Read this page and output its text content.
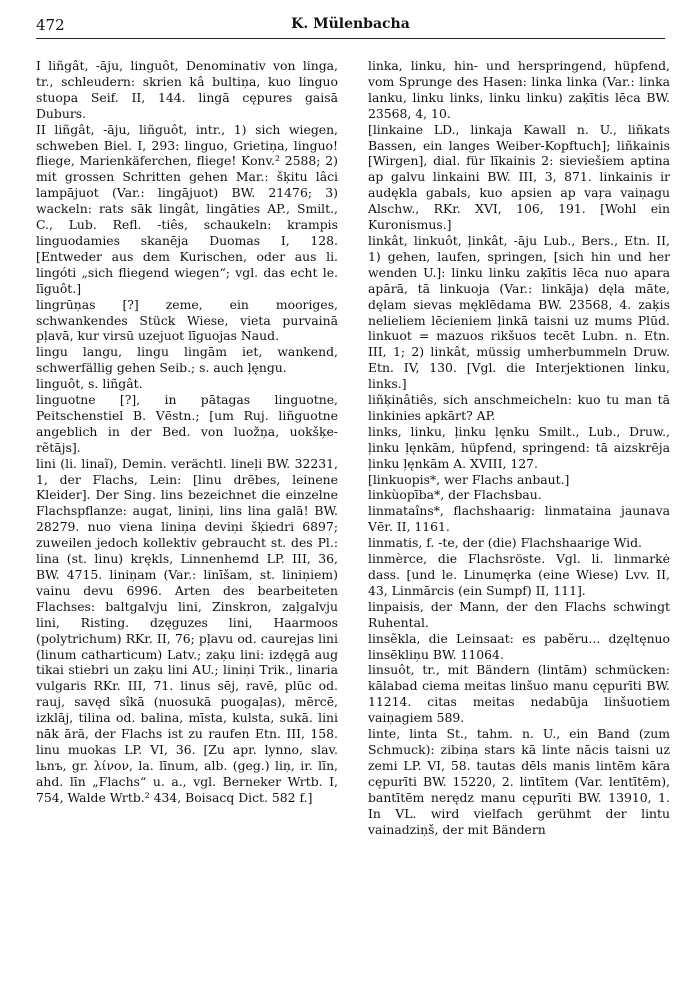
472	K. Mülenbacha

I liñgât, -āju, linguôt, Denominativ von linga, tr., schleudern: skrien kâ bultiņa, kuo linguo stuopa Seif. II, 144. lingā cępures gaisā Duburs.

II liñgât, -āju, liñguôt, intr., 1) sich wiegen, schweben Biel. I, 293: linguo, Grietiņa, linguo! fliege, Marienkäferchen, fliege! Konv.² 2588; 2) mit grossen Schritten gehen Mar.: šķitu lâci lampājuot (Var.: lingājuot) BW. 21476; 3) wackeln: rats sāk lingât, lingāties AP., Smilt., C., Lub. Refl. -tiês, schaukeln: krampis linguodamies skanēja Duomas I, 128. [Entweder aus dem Kurischen, oder aus li. lingóti „sich fliegend wiegen“; vgl. das echt le. līguôt.]

lingrūņas [?] zeme, ein mooriges, schwankendes Stück Wiese, vieta purvainā pļavā, kur virsū uzejuot līguojas Naud.

lingu langu, lingu lingām iet, wankend, schwerfällig gehen Seib.; s. auch ļęngu.

linguôt, s. liñgât.

linguotne [?], in pātagas linguotne, Peitschenstiel B. Vēstn.; [um Ruj. liñguotne angeblich in der Bed. von luožņa, uokšķe-rẽtājs].

lini (li. linaĩ), Demin. verächtl. lineļi BW. 32231, 1, der Flachs, Lein: [linu drēbes, leinene Kleider]. Der Sing. lins bezeichnet die einzelne Flachspflanze: augat, liniņi, lins lina galā! BW. 28279. nuo viena liniņa deviņi šķiedri 6897; zuweilen jedoch kollektiv gebraucht st. des Pl.: lina (st. linu) krękls, Linnenhemd LP. III, 36, BW. 4715. liniņam (Var.: linīšam, st. liniņiem) vainu devu 6996. Arten des bearbeiteten Flachses: baltgalvju lini, Zinskron, zaļgalvju lini, Risting. dzęguzes lini, Haarmoos (polytrichum) RKr. II, 76; pļavu od. caurejas lini (linum catharticum) Latv.; zaķu lini: izdęgā aug tikai stiebri un zaķu lini AU.; liniņi Trik., linaria vulgaris RKr. III, 71. linus sēj, ravē, plūc od. rauj, savęd sîkā (nuosukā puogaļas), mērcē, izklāj, tilina od. balina, mīsta, kulsta, sukā. lini nāk ārā, der Flachs ist zu raufen Etn. III, 158. linu muokas LP. VI, 36. [Zu apr. lynno, slav. lьnъ, gr. λίνον, la. līnum, alb. (geg.) liņ, ir. līn, ahd. līn „Flachs“ u. a., vgl. Berneker Wrtb. I, 754, Walde Wrtb.² 434, Boisacq Dict. 582 f.]

linka, linku, hin- und herspringend, hüpfend, vom Sprunge des Hasen: linka linka (Var.: linka lanku, linku links, linku linku) zaķītis lēca BW. 23568, 4, 10.

[linkaine LD., linkaja Kawall n. U., liñkats Bassen, ein langes Weiber-Kopftuch]; liñkainis [Wirgen], dial. für līkainis 2: sieviešiem aptina ap galvu linkaini BW. III, 3, 871. linkainis ir audękla gabals, kuo apsien ap vaŗa vaiņagu Alschw., RKr. XVI, 106, 191. [Wohl ein Kuronismus.]

linkât, linkuôt, ļinkât, -āju Lub., Bers., Etn. II, 1) gehen, laufen, springen, [sich hin und her wenden U.]: linku linku zaķītis lēca nuo apara apārā, tā linkuoja (Var.: linkāja) dęla māte, dęlam sievas męklēdama BW. 23568, 4. zaķis nelieliem lēcieniem ļinkā taisni uz mums Plūd. linkuot = mazuos rikšuos tecēt Lubn. n. Etn. III, 1; 2) linkât, müssig umherbummeln Druw. Etn. IV, 130. [Vgl. die Interjektionen linku, links.]

liñķinâtiês, sich anschmeicheln: kuo tu man tā linkinies apkārt? AP.

links, linku, ļinku ļęnku Smilt., Lub., Druw., ļinku ļęnkām, hüpfend, springend: tā aizskrēja ļinku ļęnkām A. XVIII, 127.

[linkuopis*, wer Flachs anbaut.]

linkùopība*, der Flachsbau.

linmataîns*, flachshaarig: linmataina jaunava Vēr. II, 1161.

linmatis, f. -te, der (die) Flachshaarige Wid.

linmèrce, die Flachsröste. Vgl. li. linmarkė dass. [und le. Linumęrka (eine Wiese) Lvv. II, 43, Linmārcis (ein Sumpf) II, 111].

linpaisis, der Mann, der den Flachs schwingt Ruhental.

linsẽkla, die Leinsaat: es pabẽru... dzęltęnuo linsēkliņu BW. 11064.

linsuôt, tr., mit Bändern (lintām) schmücken: kālabad ciema meitas linšuo manu cępurīti BW. 11214. citas meitas nedabūja linšuotiem vaiņagiem 589.

linte, linta St., tahm. n. U., ein Band (zum Schmuck): zibiņa stars kā linte nācis taisni uz zemi LP. VI, 58. tautas dēls manis lintēm kāra cępurīti BW. 15220, 2. lintītem (Var. lentītēm), bantītēm nerędz manu cępurīti BW. 13910, 1. In VL. wird vielfach gerühmt der lintu vainadziņš, der mit Bändern
